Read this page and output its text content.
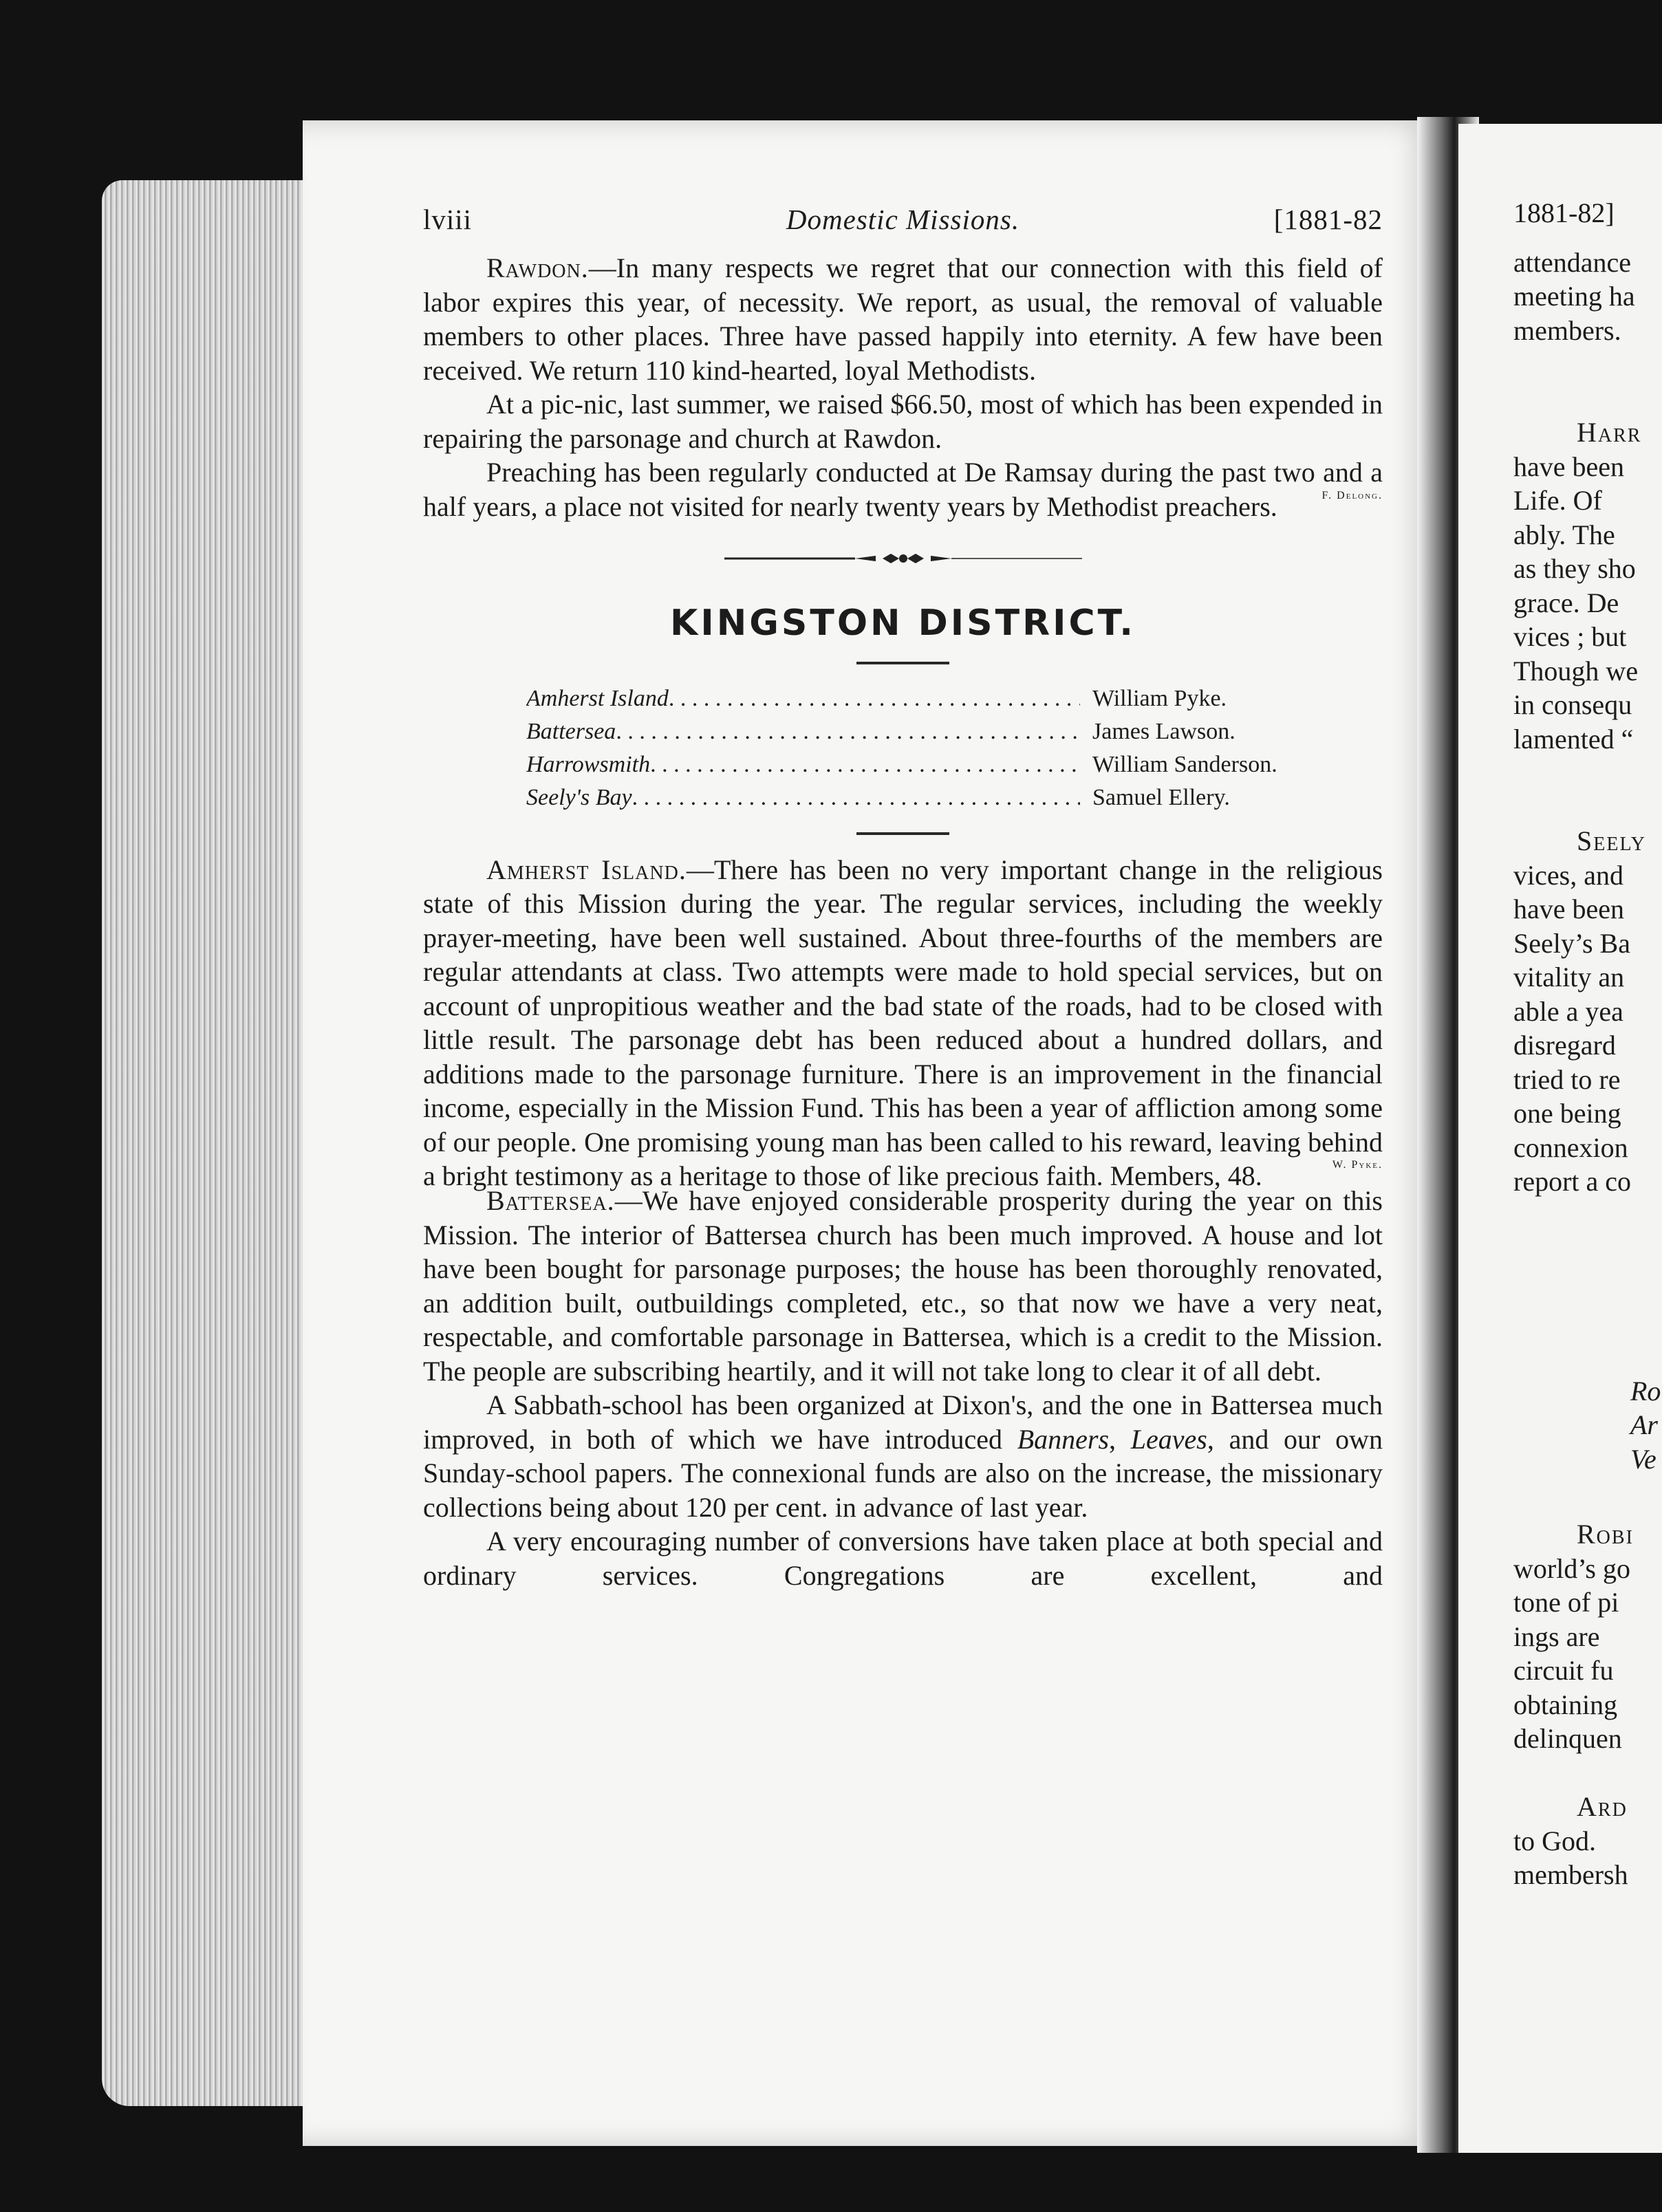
lviii	Domestic Missions.	[1881-82

Rawdon.—In many respects we regret that our connection with this field of labor expires this year, of necessity. We report, as usual, the removal of valuable members to other places. Three have passed happily into eternity. A few have been received. We return 110 kind-hearted, loyal Methodists.

At a pic-nic, last summer, we raised $66.50, most of which has been expended in repairing the parsonage and church at Rawdon.

Preaching has been regularly conducted at De Ramsay during the past two and a half years, a place not visited for nearly twenty years by Methodist preachers.	F. Delong.
KINGSTON DISTRICT.
Amherst Island . . .	William Pyke.
Battersea . . .	James Lawson.
Harrowsmith . . .	William Sanderson.
Seely's Bay . . .	Samuel Ellery.

Amherst Island.—There has been no very important change in the religious state of this Mission during the year. The regular services, including the weekly prayer-meeting, have been well sustained. About three-fourths of the members are regular attendants at class. Two attempts were made to hold special services, but on account of unpropitious weather and the bad state of the roads, had to be closed with little result. The parsonage debt has been reduced about a hundred dollars, and additions made to the parsonage furniture. There is an improvement in the financial income, especially in the Mission Fund. This has been a year of affliction among some of our people. One promising young man has been called to his reward, leaving behind a bright testimony as a heritage to those of like precious faith. Members, 48.	W. Pyke.

Battersea.—We have enjoyed considerable prosperity during the year on this Mission. The interior of Battersea church has been much improved. A house and lot have been bought for parsonage purposes; the house has been thoroughly renovated, an addition built, outbuildings completed, etc., so that now we have a very neat, respectable, and comfortable parsonage in Battersea, which is a credit to the Mission. The people are subscribing heartily, and it will not take long to clear it of all debt.

A Sabbath-school has been organized at Dixon's, and the one in Battersea much improved, in both of which we have introduced Banners, Leaves, and our own Sunday-school papers. The connexional funds are also on the increase, the missionary collections being about 120 per cent. in advance of last year.

A very encouraging number of conversions have taken place at both special and ordinary services. Congregations are excellent, and

1881-82]
attendance
meeting ha
members.
Harr
have been
Life. Of
ably. The
as they sho
grace. De
vices ; but
Though we
in consequ
lamented “
Seely
vices, and
have been
Seely’s Ba
vitality an
able a yea
disregard
tried to re
one being
connexion
report a co
Ro
Ar
Ve
Robi
world’s go
tone of pi
ings are
circuit fu
obtaining
delinquen
Ard
to God.
membersh
